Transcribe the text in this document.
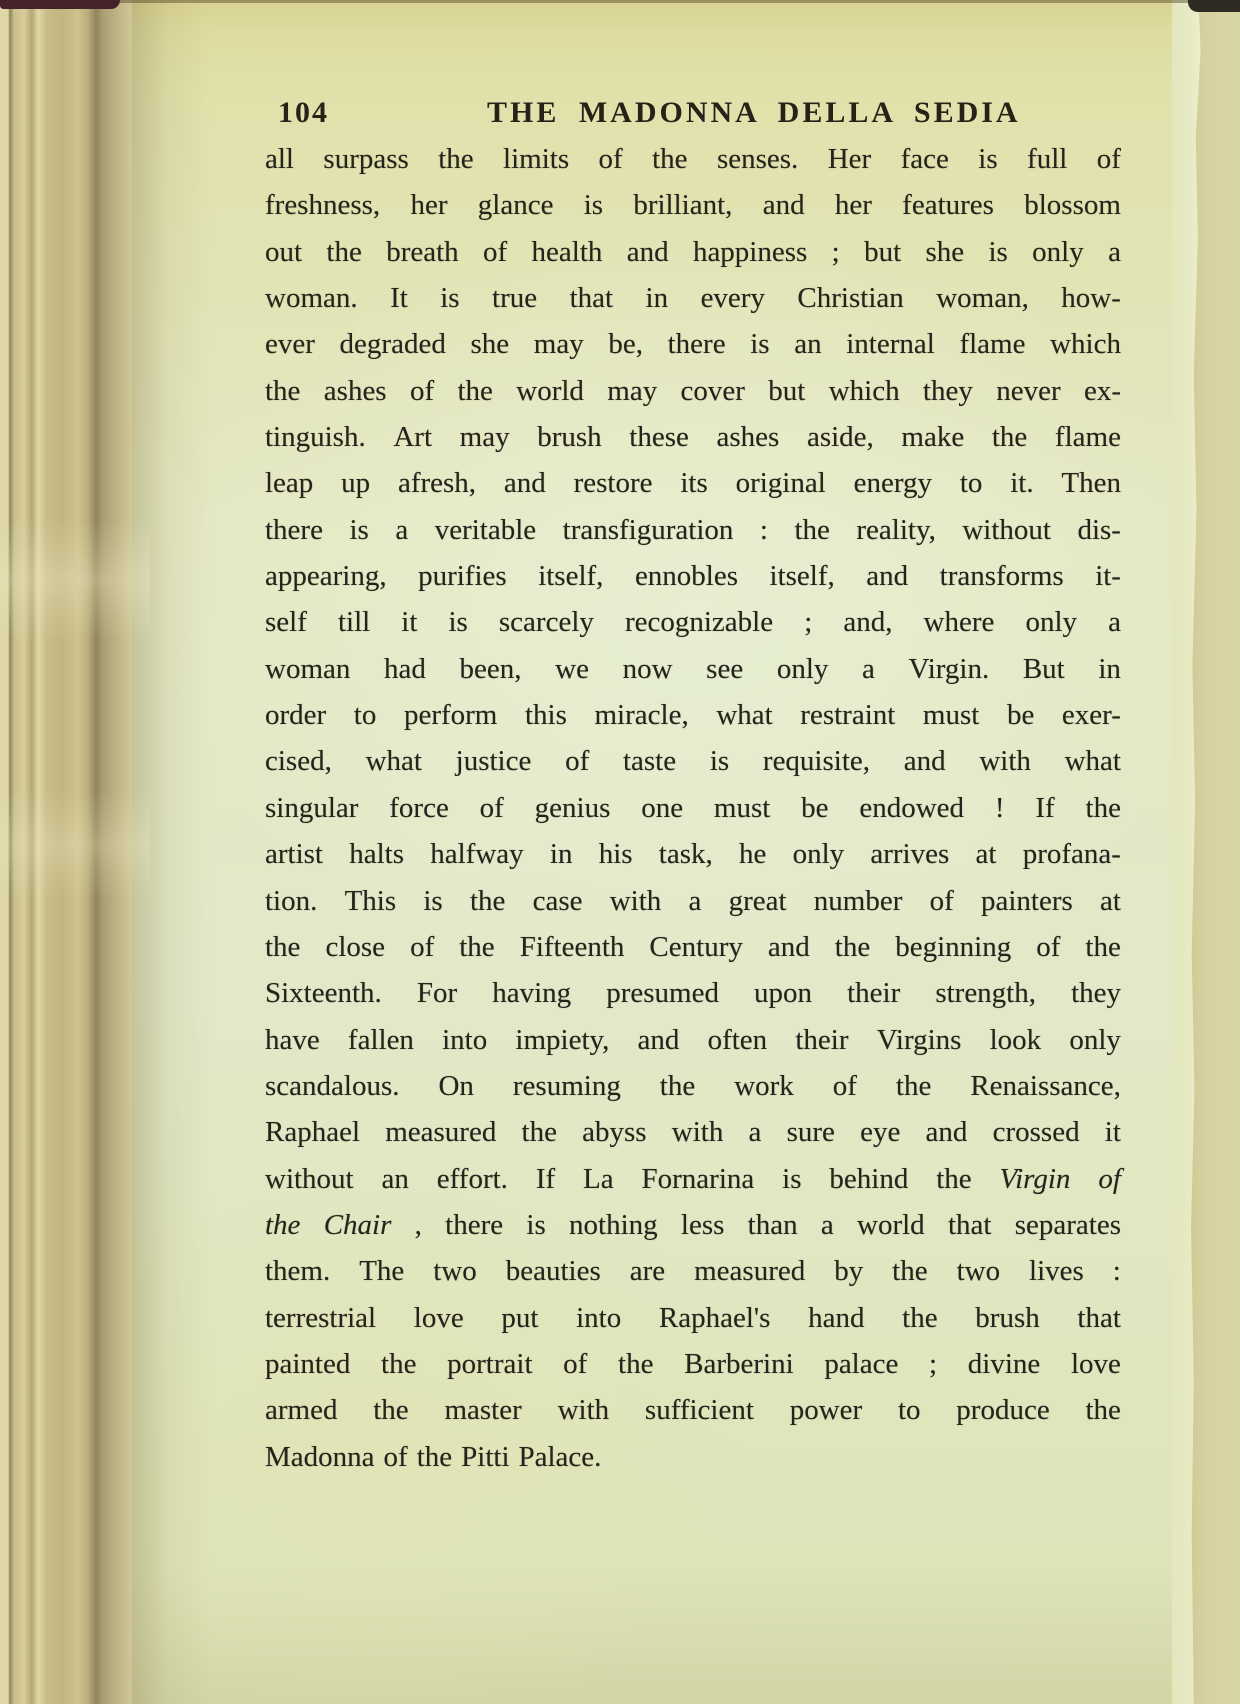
104	THE MADONNA DELLA SEDIA
all surpass the limits of the senses. Her face is full of
freshness, her glance is brilliant, and her features blossom
out the breath of health and happiness ; but she is only a
woman. It is true that in every Christian woman, how-
ever degraded she may be, there is an internal flame which
the ashes of the world may cover but which they never ex-
tinguish. Art may brush these ashes aside, make the flame
leap up afresh, and restore its original energy to it. Then
there is a veritable transfiguration : the reality, without dis-
appearing, purifies itself, ennobles itself, and transforms it-
self till it is scarcely recognizable ; and, where only a
woman had been, we now see only a Virgin. But in
order to perform this miracle, what restraint must be exer-
cised, what justice of taste is requisite, and with what
singular force of genius one must be endowed ! If the
artist halts halfway in his task, he only arrives at profana-
tion. This is the case with a great number of painters at
the close of the Fifteenth Century and the beginning of the
Sixteenth. For having presumed upon their strength, they
have fallen into impiety, and often their Virgins look only
scandalous. On resuming the work of the Renaissance,
Raphael measured the abyss with a sure eye and crossed it
without an effort. If La Fornarina is behind the Virgin of
the Chair , there is nothing less than a world that separates
them. The two beauties are measured by the two lives :
terrestrial love put into Raphael's hand the brush that
painted the portrait of the Barberini palace ; divine love
armed the master with sufficient power to produce the
Madonna of the Pitti Palace.
